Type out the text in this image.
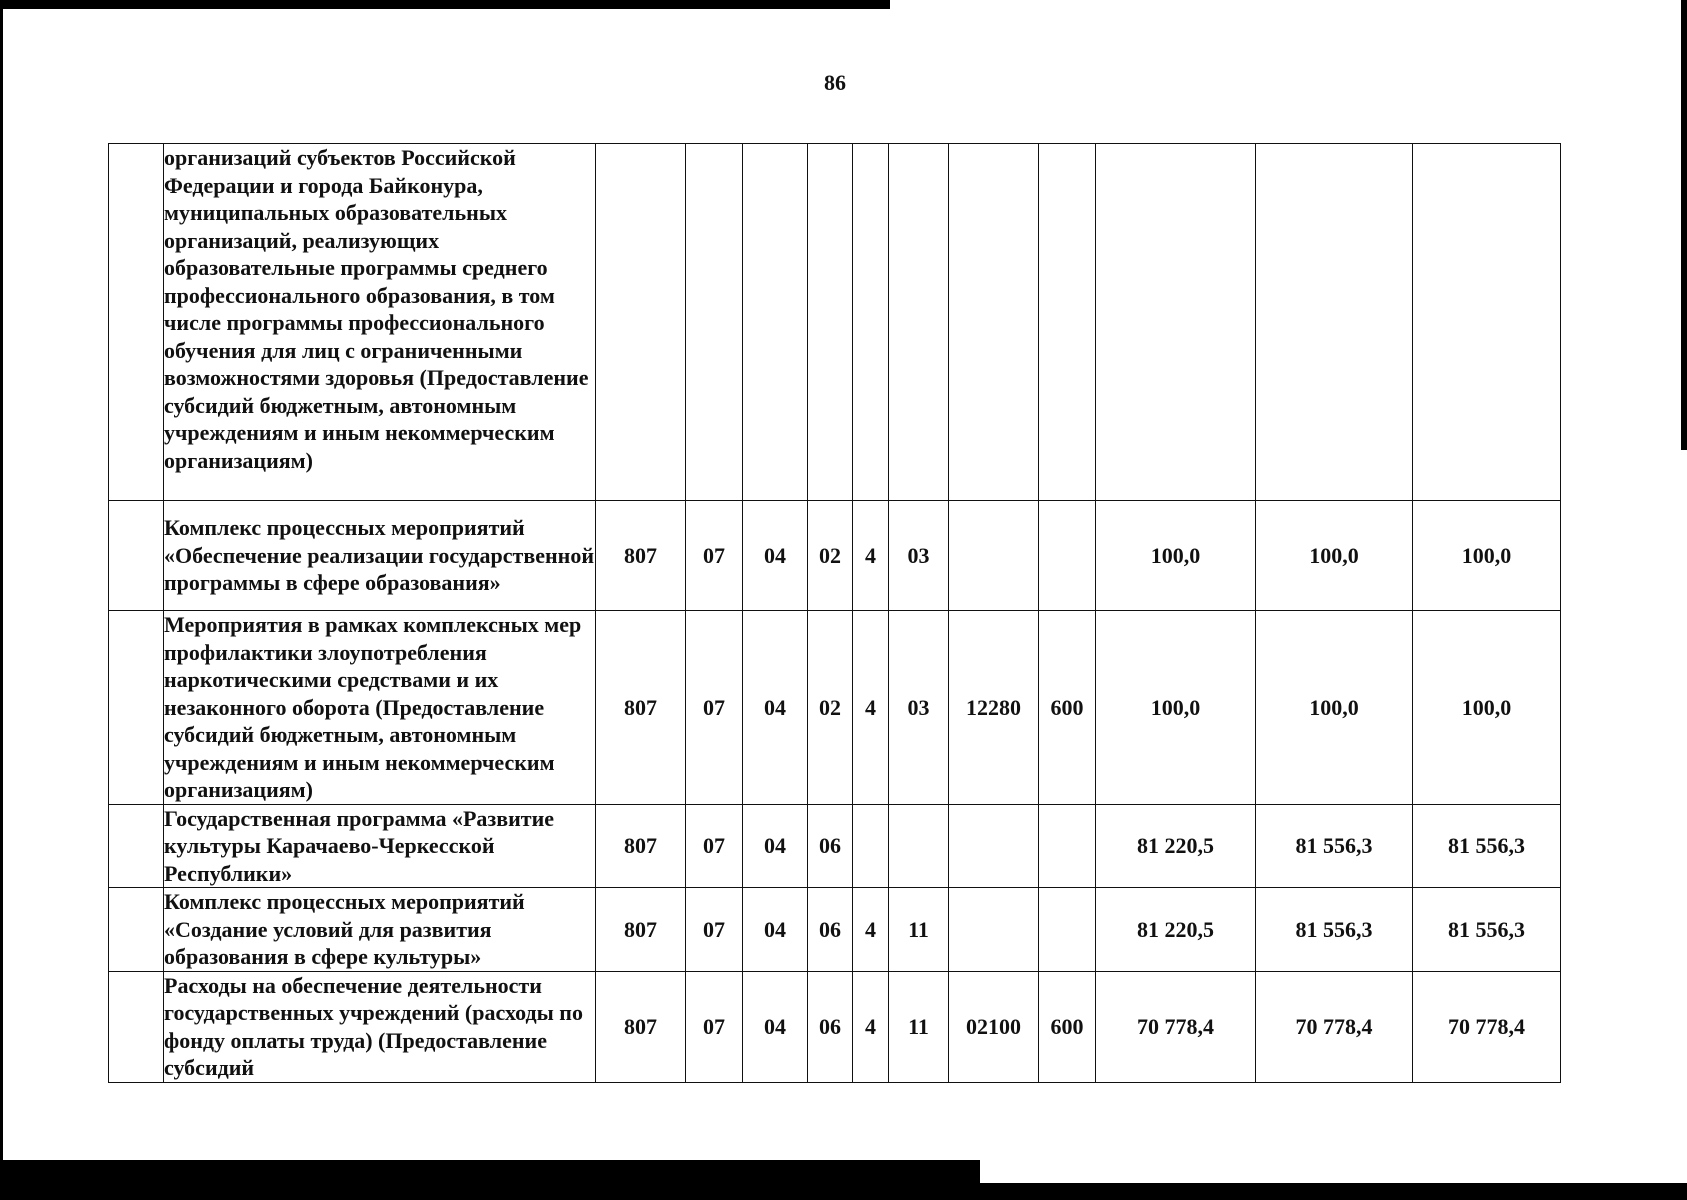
86
	организаций субъектов Российской Федерации и города Байконура, муниципальных образовательных организаций, реализующих образовательные программы среднего профессионального образования, в том числе программы профессионального обучения для лиц с ограниченными возможностями здоровья (Предоставление субсидий бюджетным, автономным учреждениям и иным некоммерческим организациям)											
	Комплекс процессных мероприятий «Обеспечение реализации государственной программы в сфере образования»	807	07	04	02	4	03			100,0	100,0	100,0
	Мероприятия в рамках комплексных мер профилактики злоупотребления наркотическими средствами и их незаконного оборота (Предоставление субсидий бюджетным, автономным учреждениям и иным некоммерческим организациям)	807	07	04	02	4	03	12280	600	100,0	100,0	100,0
	Государственная программа «Развитие культуры Карачаево-Черкесской Республики»	807	07	04	06					81 220,5	81 556,3	81 556,3
	Комплекс процессных мероприятий «Создание условий для развития образования в сфере культуры»	807	07	04	06	4	11			81 220,5	81 556,3	81 556,3
	Расходы на обеспечение деятельности государственных учреждений (расходы по фонду оплаты труда) (Предоставление субсидий	807	07	04	06	4	11	02100	600	70 778,4	70 778,4	70 778,4
